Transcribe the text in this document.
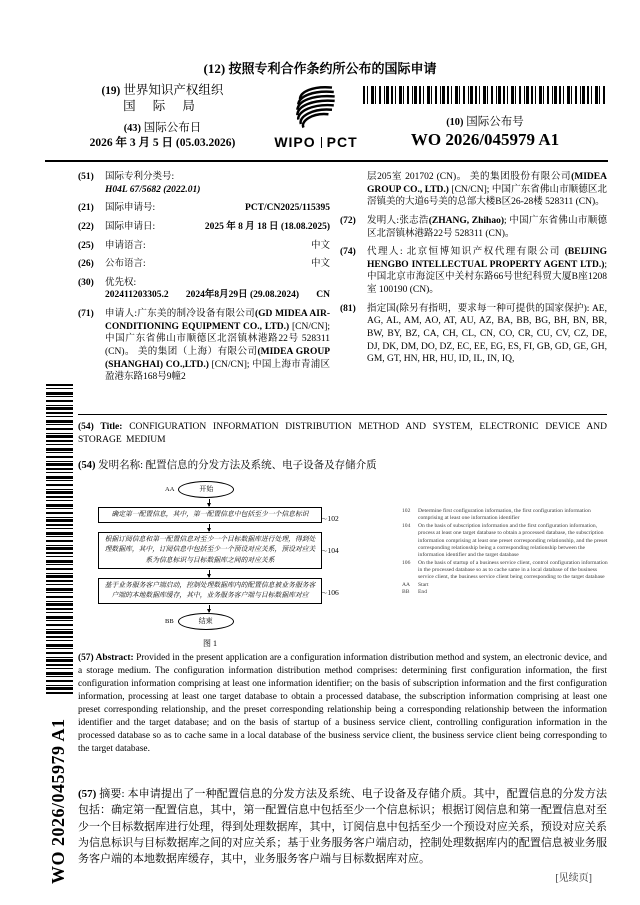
(12) 按照专利合作条约所公布的国际申请
(19) 世界知识产权组织
国 际 局
(43) 国际公布日
2026 年 3 月 5 日 (05.03.2026)	WIPO PCT
(10) 国际公布号
WO 2026/045979 A1
(51)	国际专利分类号:
H04L 67/5682 (2022.01)
(21)	国际申请号:	PCT/CN2025/115395
(22)	国际申请日:	2025 年 8 月 18 日 (18.08.2025)
(25)	申请语言:	中文
(26)	公布语言:	中文
(30)	优先权:
202411203305.2 2024年8月29日 (29.08.2024) CN
(71)	申请人:广东美的制冷设备有限公司(GD MIDEA AIR-CONDITIONING EQUIPMENT CO., LTD.) [CN/CN]; 中国广东省佛山市顺德区北滘镇林港路22号 528311 (CN)。 美的集团（上海）有限公司(MIDEA GROUP (SHANGHAI) CO.,LTD.) [CN/CN]; 中国上海市青浦区盈港东路168号9幢2
层205室 201702 (CN)。 美的集团股份有限公司(MIDEA GROUP CO., LTD.) [CN/CN]; 中国广东省佛山市顺德区北滘镇美的大道6号美的总部大楼B区26-28楼 528311 (CN)。
(72)	发明人:张志浩(ZHANG, Zhihao); 中国广东省佛山市顺德区北滘镇林港路22号 528311 (CN)。
(74)	代理人: 北京恒博知识产权代理有限公司 (BEIJING HENGBO INTELLECTUAL PROPERTY AGENT LTD.); 中国北京市海淀区中关村东路66号世纪科贸大厦B座1208室 100190 (CN)。
(81)	指定国(除另有指明，要求每一种可提供的国家保护): AE, AG, AL, AM, AO, AT, AU, AZ, BA, BB, BG, BH, BN, BR, BW, BY, BZ, CA, CH, CL, CN, CO, CR, CU, CV, CZ, DE, DJ, DK, DM, DO, DZ, EC, EE, EG, ES, FI, GB, GD, GE, GH, GM, GT, HN, HR, HU, ID, IL, IN, IQ,
(54) Title: CONFIGURATION INFORMATION DISTRIBUTION METHOD AND SYSTEM, ELECTRONIC DEVICE AND STORAGE MEDIUM
(54) 发明名称: 配置信息的分发方法及系统、电子设备及存储介质
AA	开始
确定第一配置信息，其中，第一配置信息中包括至少一个信息标识	～ 102
根据订阅信息和第一配置信息对至少一个目标数据库进行处理，得到处理数据库，其中，订阅信息中包括至少一个预设对应关系，预设对应关系为信息标识与目标数据库之间的对应关系
～ 104
基于业务服务客户端启动，控制处理数据库内的配置信息被业务服务客户端的本地数据库缓存，其中，业务服务客户端与目标数据库对应	～ 106
BB	结束
图 1
102	Determine first configuration information, the first configuration information comprising at least one information identifier
104	On the basis of subscription information and the first configuration information, process at least one target database to obtain a processed database, the subscription information comprising at least one preset corresponding relationship, and the preset corresponding relationship being a corresponding relationship between the information identifier and the target database
106	On the basis of startup of a business service client, control configuration information in the processed database so as to cache same in a local database of the business service client, the business service client being corresponding to the target database
AA	Start
BB	End
(57) Abstract: Provided in the present application are a configuration information distribution method and system, an electronic device, and a storage medium. The configuration information distribution method comprises: determining first configuration information, the first configuration information comprising at least one information identifier; on the basis of subscription information and the first configuration information, processing at least one target database to obtain a processed database, the subscription information comprising at least one preset corresponding relationship, and the preset corresponding relationship being a corresponding relationship between the information identifier and the target database; and on the basis of startup of a business service client, controlling configuration information in the processed database so as to cache same in a local database of the business service client, the business service client being corresponding to the target database.
(57) 摘要: 本申请提出了一种配置信息的分发方法及系统、电子设备及存储介质。其中，配置信息的分发方法包括：确定第一配置信息，其中，第一配置信息中包括至少一个信息标识；根据订阅信息和第一配置信息对至少一个目标数据库进行处理，得到处理数据库，其中，订阅信息中包括至少一个预设对应关系，预设对应关系为信息标识与目标数据库之间的对应关系；基于业务服务客户端启动，控制处理数据库内的配置信息被业务服务客户端的本地数据库缓存，其中，业务服务客户端与目标数据库对应。
WO 2026/045979 A1	[见续页]
